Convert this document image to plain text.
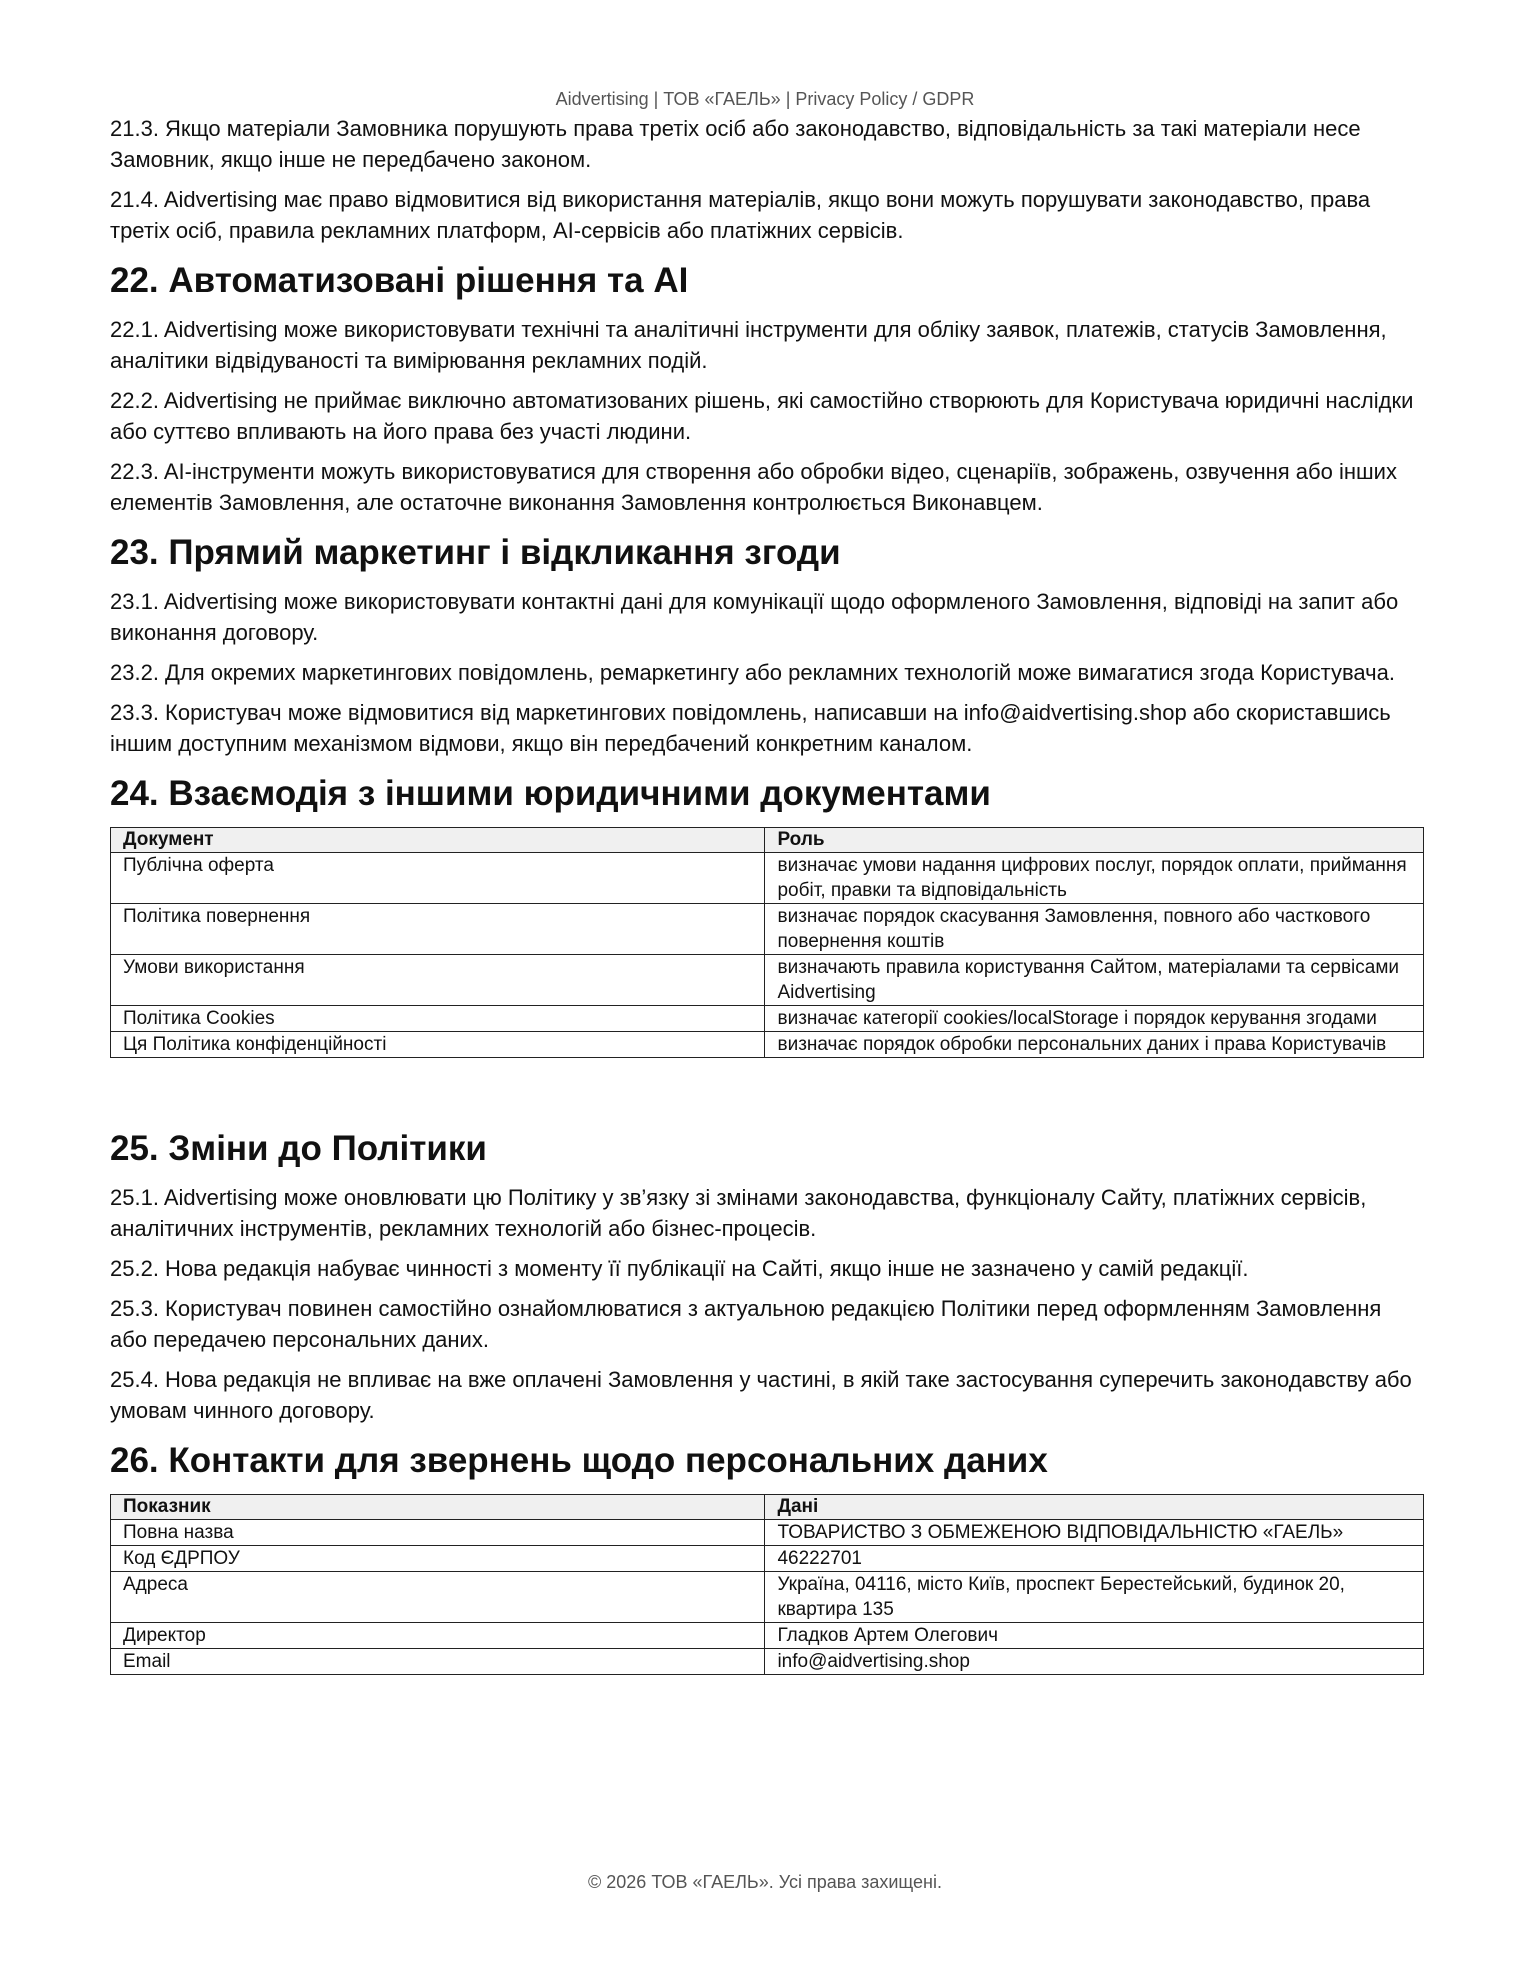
Aidvertising | ТОВ «ГАЕЛЬ» | Privacy Policy / GDPR

21.3. Якщо матеріали Замовника порушують права третіх осіб або законодавство, відповідальність за такі матеріали несе Замовник, якщо інше не передбачено законом.

21.4. Aidvertising має право відмовитися від використання матеріалів, якщо вони можуть порушувати законодавство, права третіх осіб, правила рекламних платформ, AI-сервісів або платіжних сервісів.

22. Автоматизовані рішення та AI

22.1. Aidvertising може використовувати технічні та аналітичні інструменти для обліку заявок, платежів, статусів Замовлення, аналітики відвідуваності та вимірювання рекламних подій.

22.2. Aidvertising не приймає виключно автоматизованих рішень, які самостійно створюють для Користувача юридичні наслідки або суттєво впливають на його права без участі людини.

22.3. AI-інструменти можуть використовуватися для створення або обробки відео, сценаріїв, зображень, озвучення або інших елементів Замовлення, але остаточне виконання Замовлення контролюється Виконавцем.

23. Прямий маркетинг і відкликання згоди

23.1. Aidvertising може використовувати контактні дані для комунікації щодо оформленого Замовлення, відповіді на запит або виконання договору.

23.2. Для окремих маркетингових повідомлень, ремаркетингу або рекламних технологій може вимагатися згода Користувача.

23.3. Користувач може відмовитися від маркетингових повідомлень, написавши на info@aidvertising.shop або скориставшись іншим доступним механізмом відмови, якщо він передбачений конкретним каналом.

24. Взаємодія з іншими юридичними документами
Документ	Роль
Публічна оферта	визначає умови надання цифрових послуг, порядок оплати, приймання робіт, правки та відповідальність
Політика повернення	визначає порядок скасування Замовлення, повного або часткового повернення коштів
Умови використання	визначають правила користування Сайтом, матеріалами та сервісами Aidvertising
Політика Cookies	визначає категорії cookies/localStorage і порядок керування згодами
Ця Політика конфіденційності	визначає порядок обробки персональних даних і права Користувачів
25. Зміни до Політики

25.1. Aidvertising може оновлювати цю Політику у зв’язку зі змінами законодавства, функціоналу Сайту, платіжних сервісів, аналітичних інструментів, рекламних технологій або бізнес-процесів.

25.2. Нова редакція набуває чинності з моменту її публікації на Сайті, якщо інше не зазначено у самій редакції.

25.3. Користувач повинен самостійно ознайомлюватися з актуальною редакцією Політики перед оформленням Замовлення або передачею персональних даних.

25.4. Нова редакція не впливає на вже оплачені Замовлення у частині, в якій таке застосування суперечить законодавству або умовам чинного договору.

26. Контакти для звернень щодо персональних даних
Показник	Дані
Повна назва	ТОВАРИСТВО З ОБМЕЖЕНОЮ ВІДПОВІДАЛЬНІСТЮ «ГАЕЛЬ»
Код ЄДРПОУ	46222701
Адреса	Україна, 04116, місто Київ, проспект Берестейський, будинок 20, квартира 135
Директор	Гладков Артем Олегович
Email	info@aidvertising.shop
© 2026 ТОВ «ГАЕЛЬ». Усі права захищені.
